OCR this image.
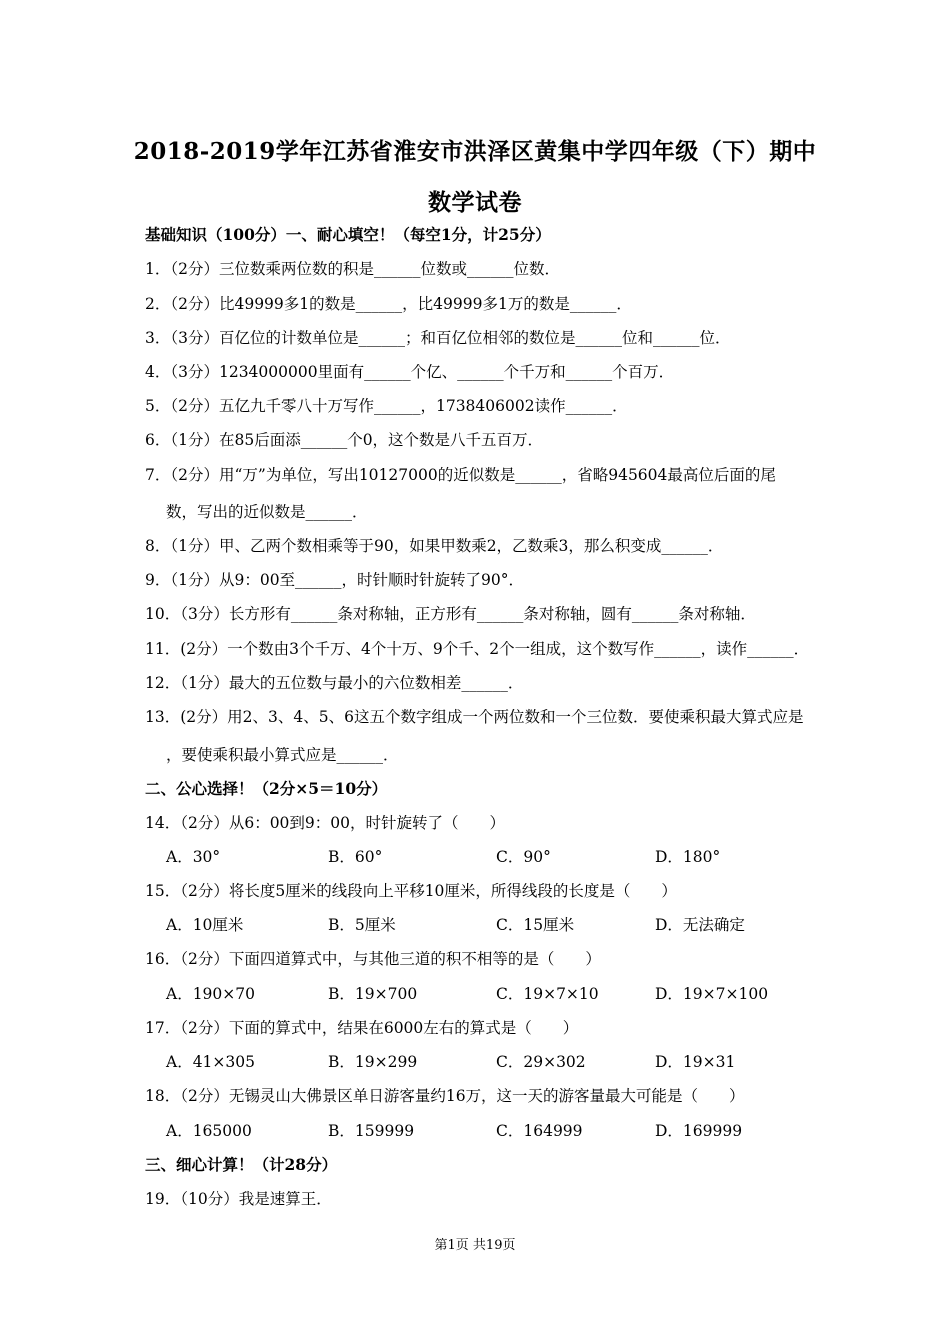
2018-2019学年江苏省淮安市洪泽区黄集中学四年级（下）期中
数学试卷
基础知识（100分）一、耐心填空！（每空1分，计25分）
1．（2分）三位数乘两位数的积是______位数或______位数．
2．（2分）比49999多1的数是______，比49999多1万的数是______．
3．（3分）百亿位的计数单位是______；和百亿位相邻的数位是______位和______位．
4．（3分）1234000000里面有______个亿、______个千万和______个百万．
5．（2分）五亿九千零八十万写作______，1738406002读作______．
6．（1分）在85后面添______个0，这个数是八千五百万．
7．（2分）用“万”为单位，写出10127000的近似数是______，省略945604最高位后面的尾
数，写出的近似数是______．
8．（1分）甲、乙两个数相乘等于90，如果甲数乘2，乙数乘3，那么积变成______．
9．（1分）从9：00至______，时针顺时针旋转了90°．
10．（3分）长方形有______条对称轴，正方形有______条对称轴，圆有______条对称轴．
11．(2分）一个数由3个千万、4个十万、9个千、2个一组成，这个数写作______，读作______．
12．（1分）最大的五位数与最小的六位数相差______．
13．(2分）用2、3、4、5、6这五个数字组成一个两位数和一个三位数．要使乘积最大算式应是
，要使乘积最小算式应是______．
二、公心选择！（2分×5＝10分）
14．（2分）从6：00到9：00，时针旋转了（　　）
A．30°	B．60°	C．90°	D．180°
15．（2分）将长度5厘米的线段向上平移10厘米，所得线段的长度是（　　）
A．10厘米	B．5厘米	C．15厘米	D．无法确定
16．（2分）下面四道算式中，与其他三道的积不相等的是（　　）
A．190×70	B．19×700	C．19×7×10	D．19×7×100
17．（2分）下面的算式中，结果在6000左右的算式是（　　）
A．41×305	B．19×299	C．29×302	D．19×31
18．（2分）无锡灵山大佛景区单日游客量约16万，这一天的游客量最大可能是（　　）
A．165000	B．159999	C．164999	D．169999
三、细心计算！（计28分）
19．（10分）我是速算王．
第1页 共19页
